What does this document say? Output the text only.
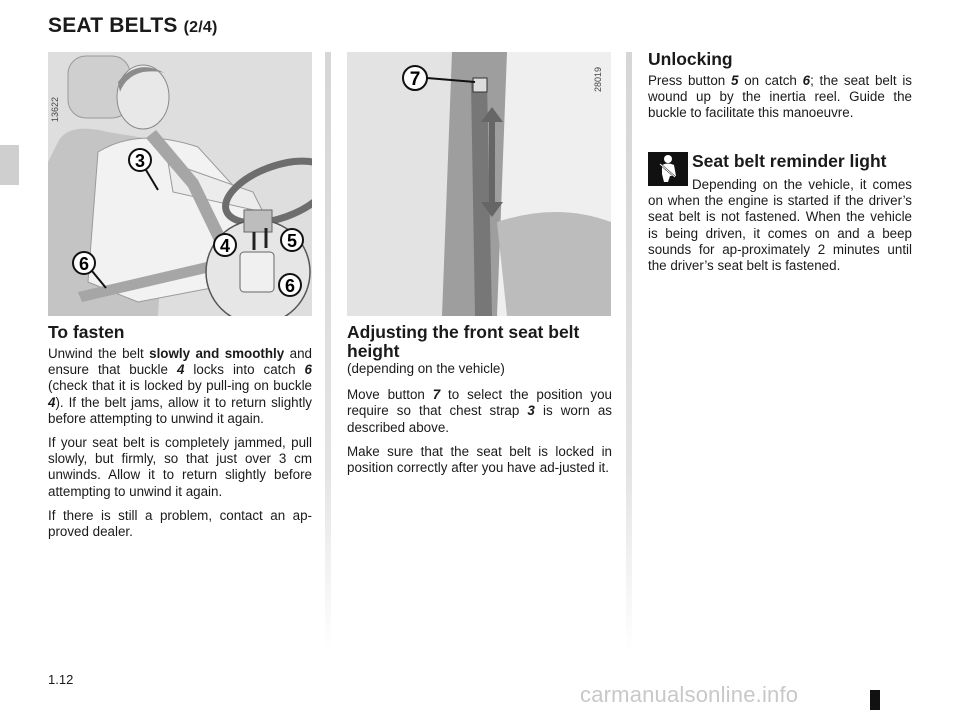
SEAT BELTS (2/4)
3
6
4	5
6
13622
7	28019
To fasten

Unwind the belt slowly and smoothly and ensure that buckle 4 locks into catch 6 (check that it is locked by pull-ing on buckle 4). If the belt jams, allow it to return slightly before attempting to unwind it again.

If your seat belt is completely jammed, pull slowly, but firmly, so that just over 3 cm unwinds. Allow it to return slightly before attempting to unwind it again.

If there is still a problem, contact an ap-proved dealer.

Adjusting the front seat belt height

(depending on the vehicle)

Move button 7 to select the position you require so that chest strap 3 is worn as described above.

Make sure that the seat belt is locked in position correctly after you have ad-justed it.

Unlocking

Press button 5 on catch 6; the seat belt is wound up by the inertia reel. Guide the buckle to facilitate this manoeuvre.

Seat belt reminder light

Depending on the vehicle, it comes on when the engine is started if the driver’s seat belt is not fastened. When the vehicle is being driven, it comes on and a beep sounds for ap-proximately 2 minutes until the driver’s seat belt is fastened.

1.12
carmanualsonline.info
